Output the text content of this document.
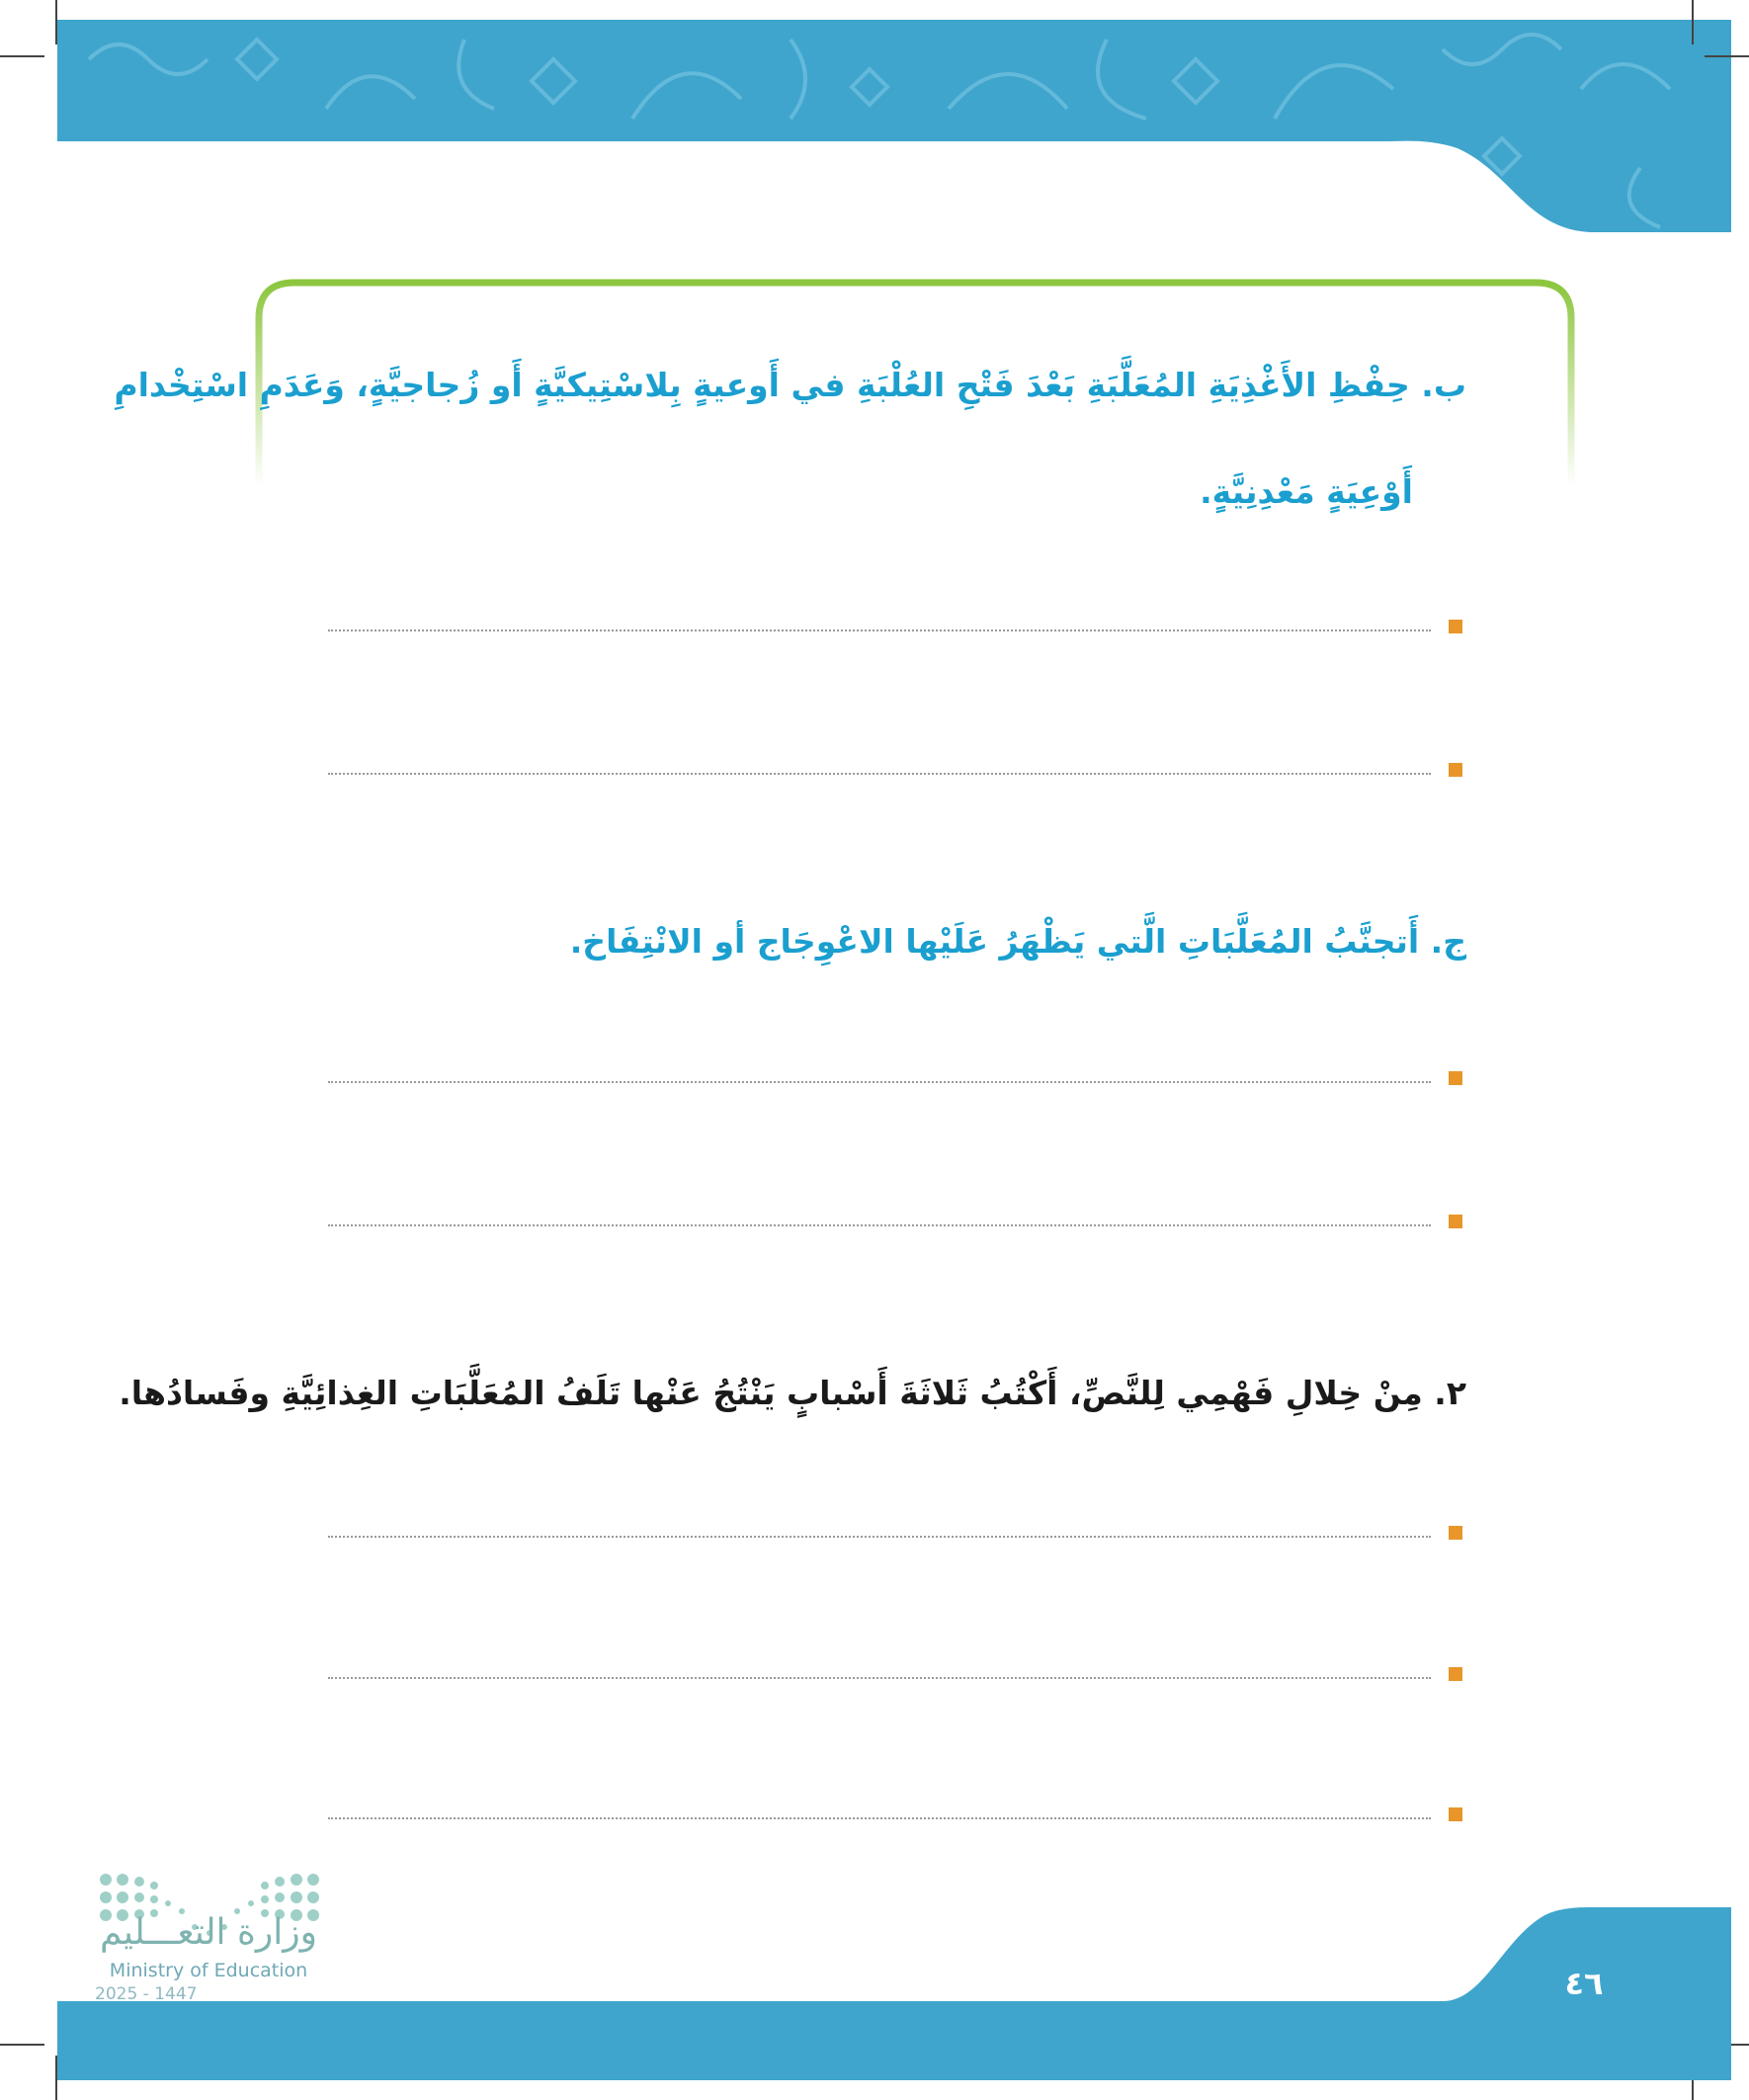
ب. حِفْظِ الأَغْذِيَةِ المُعَلَّبَةِ بَعْدَ فَتْحِ العُلْبَةِ في أَوعيةٍ بِلاسْتِيكيَّةٍ أَو زُجاجيَّةٍ، وَعَدَمِ اسْتِخْدامِ
أَوْعِيَةٍ مَعْدِنِيَّةٍ.
ج. أَتجنَّبُ المُعَلَّبَاتِ الَّتي يَظْهَرُ عَلَيْها الاعْوِجَاج أو الانْتِفَاخ.
٢. مِنْ خِلالِ فَهْمِي لِلنَّصِّ، أَكْتُبُ ثَلاثَةَ أَسْبابٍ يَنْتُجُ عَنْها تَلَفُ المُعَلَّبَاتِ الغِذائِيَّةِ وفَسادُها.
٤٦
وزارة التعـــليم
Ministry of Education
2025 - 1447
